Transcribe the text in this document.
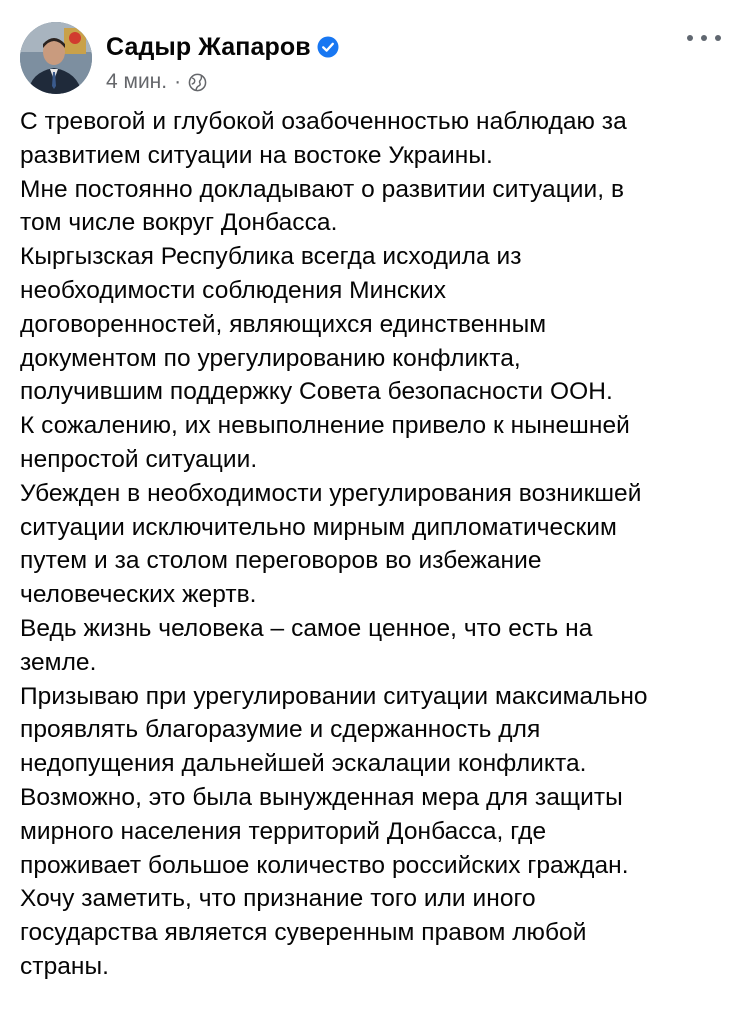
Садыр Жапаров
4 мин. ·
С тревогой и глубокой озабоченностью наблюдаю за
развитием ситуации на востоке Украины.
Мне постоянно докладывают о развитии ситуации, в
том числе вокруг Донбасса.
Кыргызская Республика всегда исходила из
необходимости соблюдения Минских
договоренностей, являющихся единственным
документом по урегулированию конфликта,
получившим поддержку Совета безопасности ООН.
К сожалению, их невыполнение привело к нынешней
непростой ситуации.
Убежден в необходимости урегулирования возникшей
ситуации исключительно мирным дипломатическим
путем и за столом переговоров во избежание
человеческих жертв.
Ведь жизнь человека – самое ценное, что есть на
земле.
Призываю при урегулировании ситуации максимально
проявлять благоразумие и сдержанность для
недопущения дальнейшей эскалации конфликта.
Возможно, это была вынужденная мера для защиты
мирного населения территорий Донбасса, где
проживает большое количество российских граждан.
Хочу заметить, что признание того или иного
государства является суверенным правом любой
страны.
